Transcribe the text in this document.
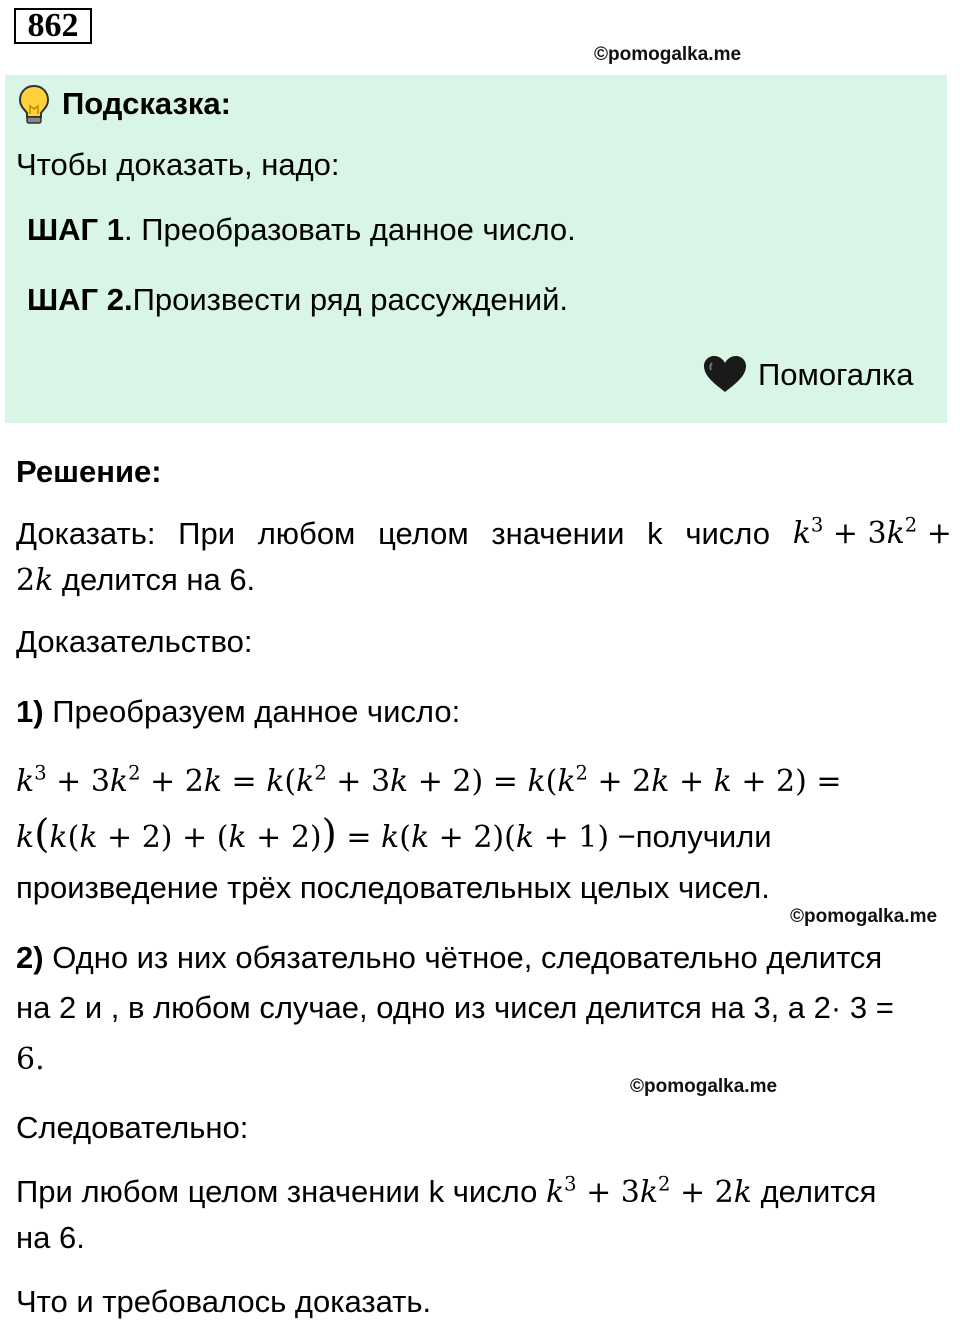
862
©pomogalka.me
Подсказка:
Чтобы доказать, надо:
ШАГ 1. Преобразовать данное число.
ШАГ 2.Произвести ряд рассуждений.
Помогалка
Решение:
Доказать: При любом целом значении k число $k^3 + 3k^2$ +
2k делится на 6.
Доказательство:
1) Преобразуем данное число:
$k^3 + 3k^2 + 2k = k(k^2 + 3k + 2) = k(k^2 + 2k + k + 2)$ =
k(k(k + 2) + (k + 2)) = k(k + 2)(k + 1) −получили
произведение трёх последовательных целых чисел.
©pomogalka.me
2) Одно из них обязательно чётное, следовательно делится
на 2 и , в любом случае, одно из чисел делится на 3, а 2· 3 =
6.
©pomogalka.me
Следовательно:
При любом целом значении k число $k^3 + 3k^2 + 2k$ делится
на 6.
Что и требовалось доказать.
